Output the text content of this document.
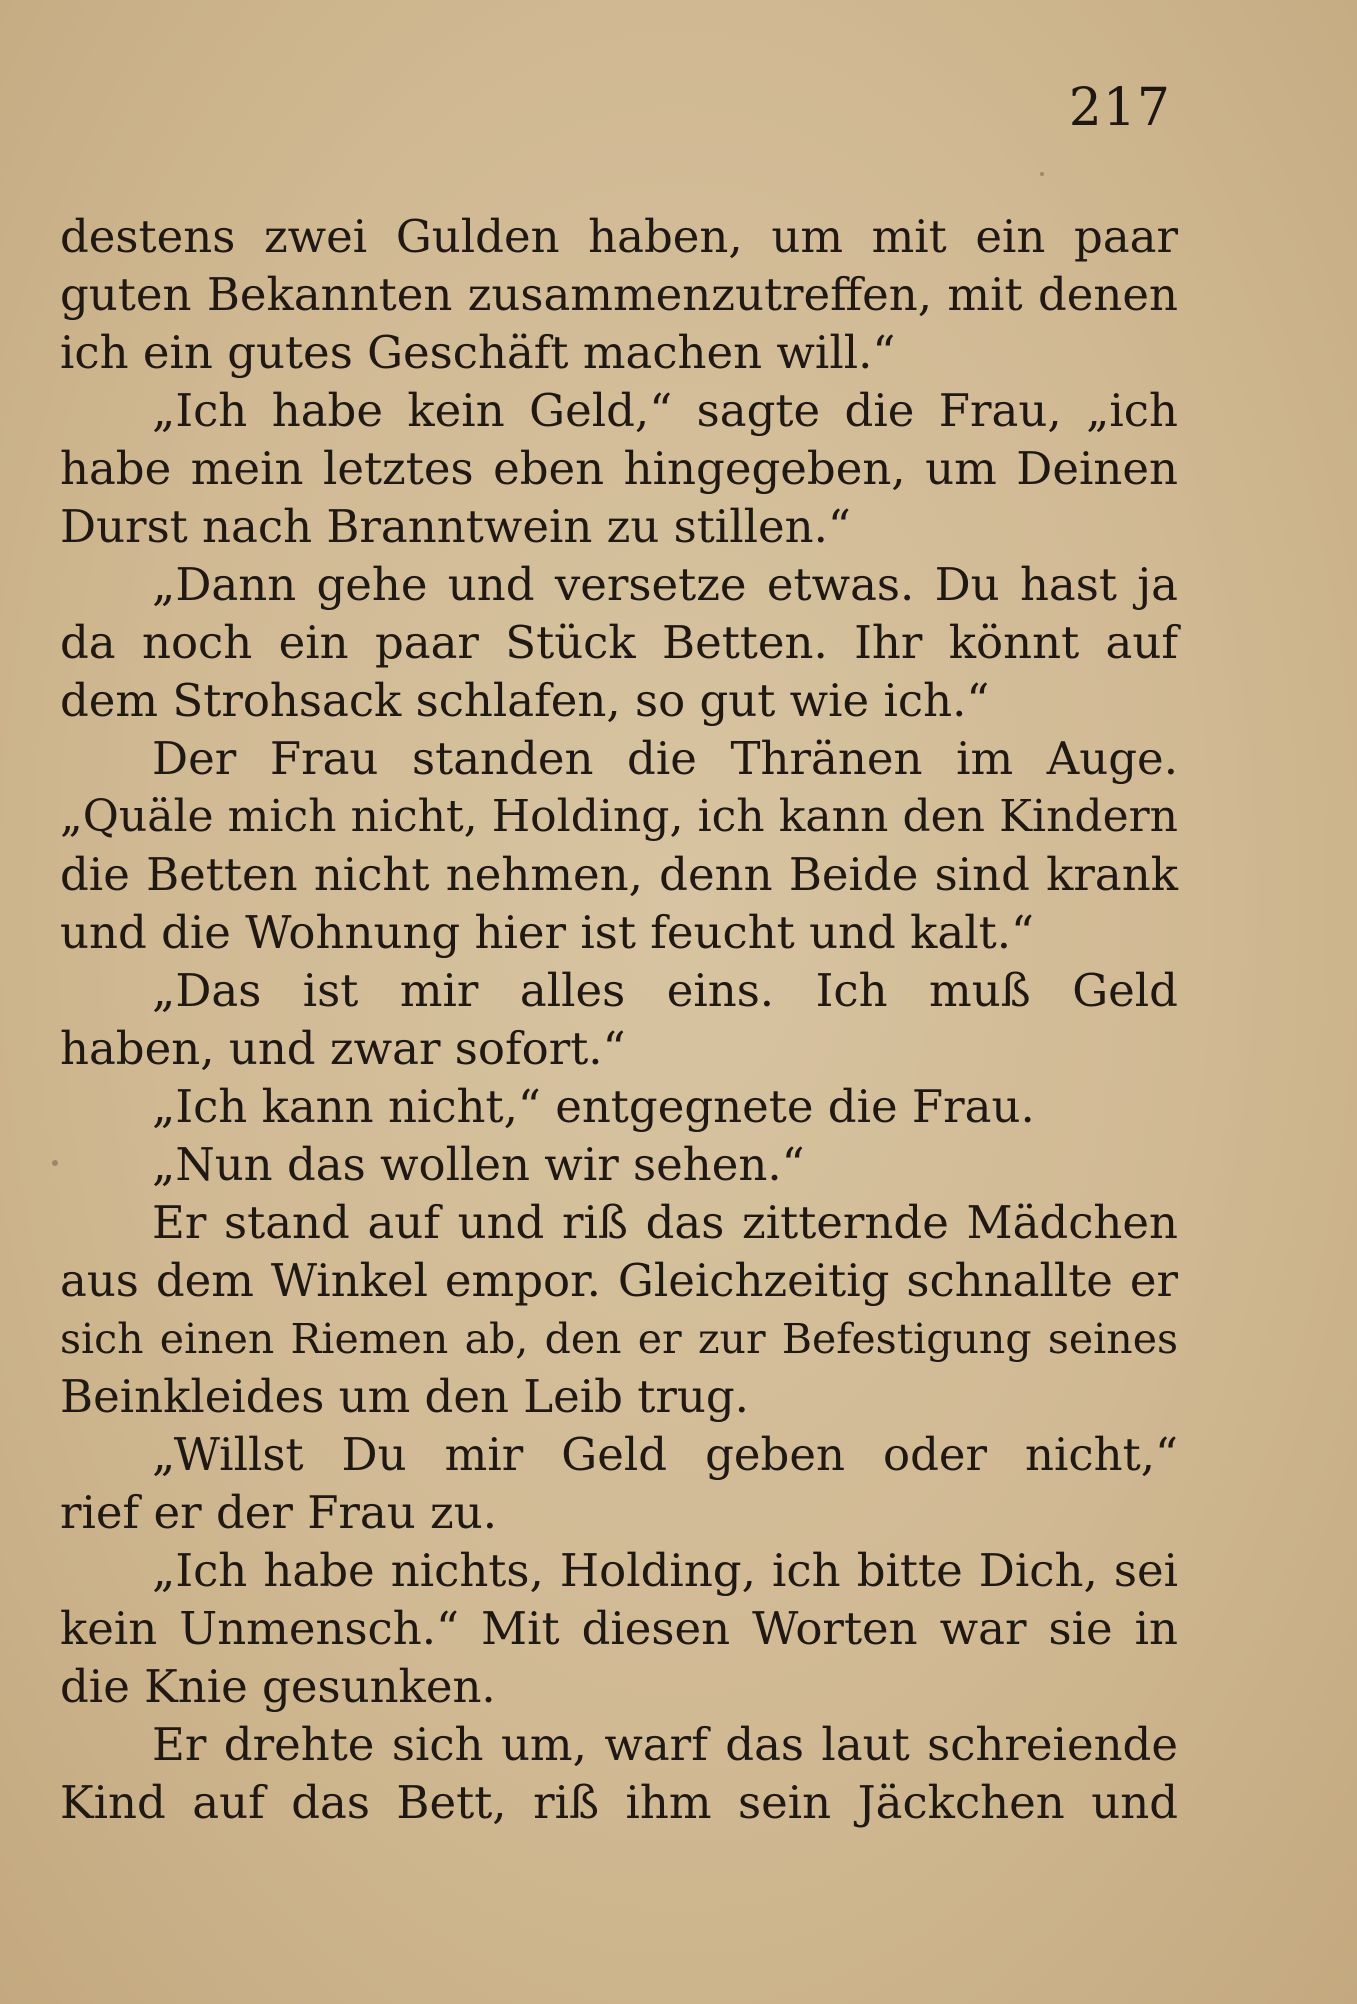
217
destens zwei Gulden haben, um mit ein paar
guten Bekannten zusammenzutreffen, mit denen
ich ein gutes Geschäft machen will.“
„Ich habe kein Geld,“ sagte die Frau, „ich
habe mein letztes eben hingegeben, um Deinen
Durst nach Branntwein zu stillen.“
„Dann gehe und versetze etwas. Du hast ja
da noch ein paar Stück Betten. Ihr könnt auf
dem Strohsack schlafen, so gut wie ich.“
Der Frau standen die Thränen im Auge.
„Quäle mich nicht, Holding, ich kann den Kindern
die Betten nicht nehmen, denn Beide sind krank
und die Wohnung hier ist feucht und kalt.“
„Das ist mir alles eins. Ich muß Geld
haben, und zwar sofort.“
„Ich kann nicht,“ entgegnete die Frau.
„Nun das wollen wir sehen.“
Er stand auf und riß das zitternde Mädchen
aus dem Winkel empor. Gleichzeitig schnallte er
sich einen Riemen ab, den er zur Befestigung seines
Beinkleides um den Leib trug.
„Willst Du mir Geld geben oder nicht,“
rief er der Frau zu.
„Ich habe nichts, Holding, ich bitte Dich, sei
kein Unmensch.“ Mit diesen Worten war sie in
die Knie gesunken.
Er drehte sich um, warf das laut schreiende
Kind auf das Bett, riß ihm sein Jäckchen und
